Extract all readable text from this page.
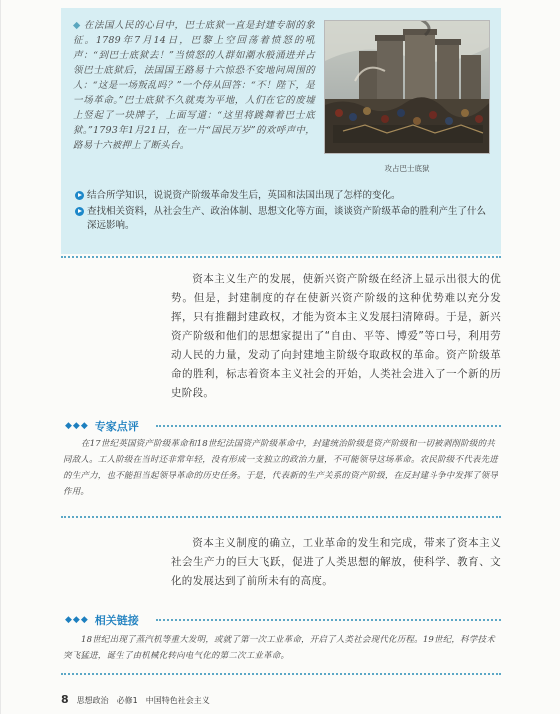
◆ 在法国人民的心目中，巴士底狱一直是封建专制的象征。1789年7月14日，巴黎上空回荡着愤怒的吼声：“到巴士底狱去！”当愤怒的人群如潮水般涌进并占领巴士底狱后，法国国王路易十六惊恐不安地问周围的人：“这是一场叛乱吗？”一个侍从回答：“不！陛下，是一场革命。”巴士底狱不久就夷为平地，人们在它的废墟上竖起了一块牌子，上面写道：“这里将跳舞着巴士底狱。”1793年1月21日，在一片“国民万岁”的欢呼声中，路易十六被押上了断头台。

攻占巴士底狱
结合所学知识，说说资产阶级革命发生后，英国和法国出现了怎样的变化。
查找相关资料，从社会生产、政治体制、思想文化等方面，谈谈资产阶级革命的胜利产生了什么深远影响。
资本主义生产的发展，使新兴资产阶级在经济上显示出很大的优势。但是，封建制度的存在使新兴资产阶级的这种优势难以充分发挥，只有推翻封建政权，才能为资本主义发展扫清障碍。于是，新兴资产阶级和他们的思想家提出了“自由、平等、博爱”等口号，利用劳动人民的力量，发动了向封建地主阶级夺取政权的革命。资产阶级革命的胜利，标志着资本主义社会的开始，人类社会进入了一个新的历史阶段。
◆◆◆ 专家点评
在17世纪英国资产阶级革命和18世纪法国资产阶级革命中，封建统治阶级是资产阶级和一切被剥削阶级的共同敌人。工人阶级在当时还非常年轻，没有形成一支独立的政治力量，不可能领导这场革命。农民阶级不代表先进的生产力，也不能担当起领导革命的历史任务。于是，代表新的生产关系的资产阶级，在反封建斗争中发挥了领导作用。
资本主义制度的确立，工业革命的发生和完成，带来了资本主义社会生产力的巨大飞跃，促进了人类思想的解放，使科学、教育、文化的发展达到了前所未有的高度。
◆◆◆ 相关链接
18世纪出现了蒸汽机等重大发明，或就了第一次工业革命，开启了人类社会现代化历程。19世纪，科学技术突飞猛进，诞生了由机械化转向电气化的第二次工业革命。
8 思想政治 必修1 中国特色社会主义
